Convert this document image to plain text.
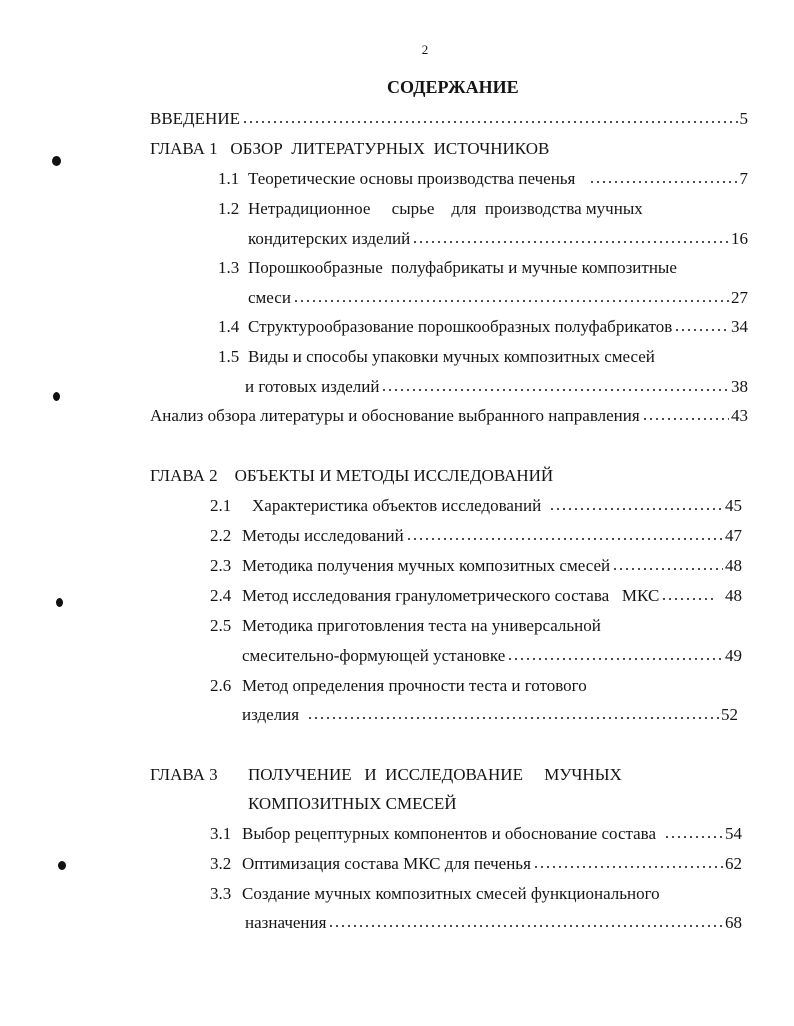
2
СОДЕРЖАНИЕ
ВВЕДЕНИЕ	5
ГЛАВА 1   ОБЗОР  ЛИТЕРАТУРНЫХ  ИСТОЧНИКОВ
1.1 Теоретические основы производства печенья	7
1.2 Нетрадиционное     сырье    для  производства мучных
кондитерских изделий	16
1.3 Порошкообразные  полуфабрикаты и мучные композитные
смеси	27
1.4 Структурообразование порошкообразных полуфабрикатов	34
1.5 Виды и способы упаковки мучных композитных смесей
и готовых изделий	38
Анализ обзора литературы и обоснование выбранного направления	43
ГЛАВА 2    ОБЪЕКТЫ И МЕТОДЫ ИССЛЕДОВАНИЙ
2.1	Характеристика объектов исследований	45
2.2 Методы исследований	47
2.3 Методика получения мучных композитных смесей	48
2.4 Метод исследования гранулометрического состава   МКС	48
2.5 Методика приготовления теста на универсальной
смесительно-формующей установке	49
2.6 Метод определения прочности теста и готового
изделия	52
ГЛАВА 3	ПОЛУЧЕНИЕ   И  ИССЛЕДОВАНИЕ     МУЧНЫХ
КОМПОЗИТНЫХ СМЕСЕЙ
3.1 Выбор рецептурных компонентов и обоснование состава	54
3.2 Оптимизация состава МКС для печенья	62
3.3 Создание мучных композитных смесей функционального
назначения	68
